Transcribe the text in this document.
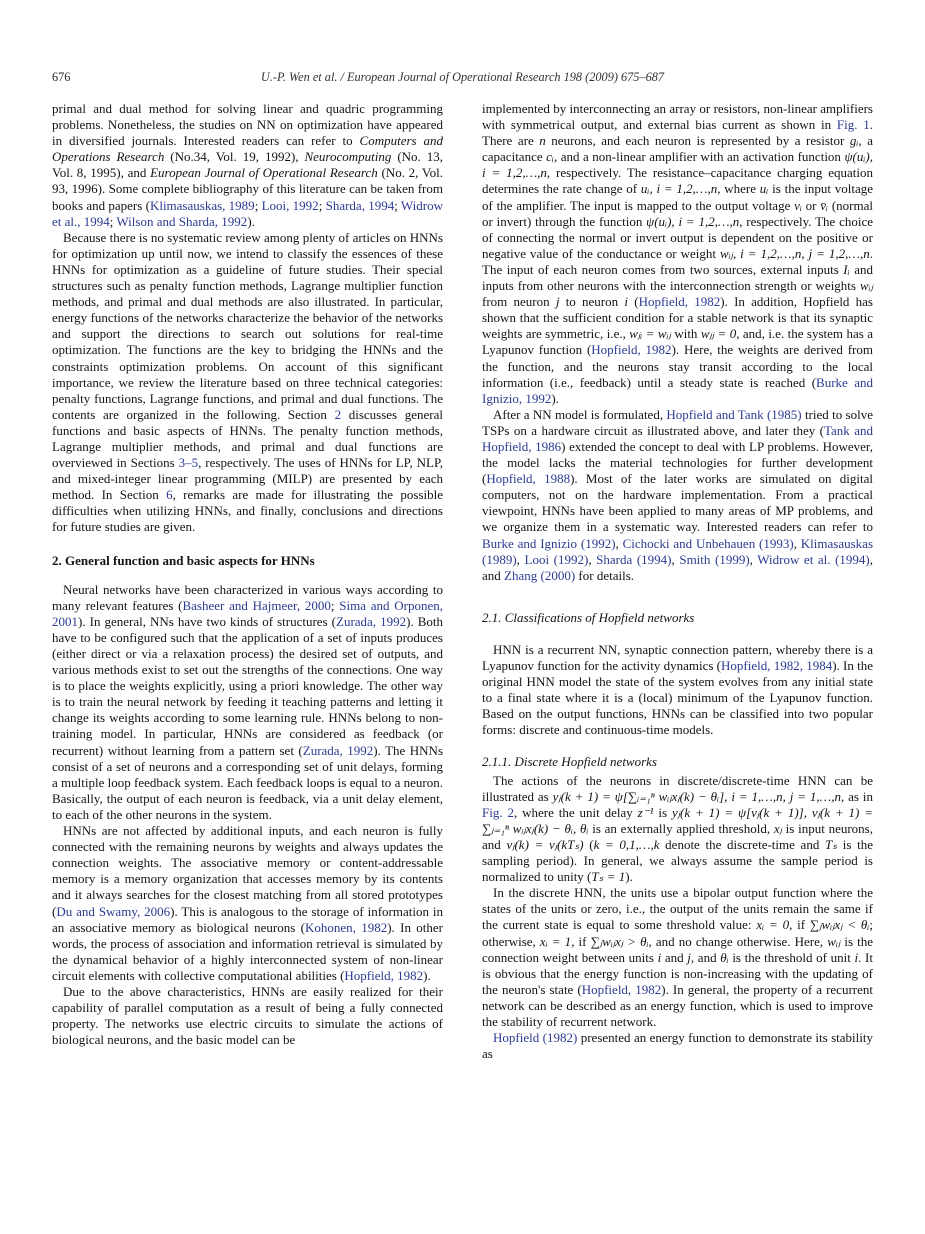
676	U.-P. Wen et al. / European Journal of Operational Research 198 (2009) 675–687

primal and dual method for solving linear and quadric programming problems. Nonetheless, the studies on NN on optimization have appeared in diversified journals. Interested readers can refer to Computers and Operations Research (No.34, Vol. 19, 1992), Neurocomputing (No. 13, Vol. 8, 1995), and European Journal of Operational Research (No. 2, Vol. 93, 1996). Some complete bibliography of this literature can be taken from books and papers (Klimasauskas, 1989; Looi, 1992; Sharda, 1994; Widrow et al., 1994; Wilson and Sharda, 1992).

Because there is no systematic review among plenty of articles on HNNs for optimization up until now, we intend to classify the essences of these HNNs for optimization as a guideline of future studies. Their special structures such as penalty function methods, Lagrange multiplier function methods, and primal and dual methods are also illustrated. In particular, energy functions of the networks characterize the behavior of the networks and support the directions to search out solutions for real-time optimization. The functions are the key to bridging the HNNs and the constraints optimization problems. On account of this significant importance, we review the literature based on three technical categories: penalty functions, Lagrange functions, and primal and dual functions. The contents are organized in the following. Section 2 discusses general functions and basic aspects of HNNs. The penalty function methods, Lagrange multiplier methods, and primal and dual functions are overviewed in Sections 3–5, respectively. The uses of HNNs for LP, NLP, and mixed-integer linear programming (MILP) are presented by each method. In Section 6, remarks are made for illustrating the possible difficulties when utilizing HNNs, and finally, conclusions and directions for future studies are given.

2. General function and basic aspects for HNNs

Neural networks have been characterized in various ways according to many relevant features (Basheer and Hajmeer, 2000; Sima and Orponen, 2001). In general, NNs have two kinds of structures (Zurada, 1992). Both have to be configured such that the application of a set of inputs produces (either direct or via a relaxation process) the desired set of outputs, and various methods exist to set out the strengths of the connections. One way is to place the weights explicitly, using a priori knowledge. The other way is to train the neural network by feeding it teaching patterns and letting it change its weights according to some learning rule. HNNs belong to non-training model. In particular, HNNs are considered as feedback (or recurrent) without learning from a pattern set (Zurada, 1992). The HNNs consist of a set of neurons and a corresponding set of unit delays, forming a multiple loop feedback system. Each feedback loops is equal to a neuron. Basically, the output of each neuron is feedback, via a unit delay element, to each of the other neurons in the system.

HNNs are not affected by additional inputs, and each neuron is fully connected with the remaining neurons by weights and always updates the connection weights. The associative memory or content-addressable memory is a memory organization that accesses memory by its contents and it always searches for the closest matching from all stored prototypes (Du and Swamy, 2006). This is analogous to the storage of information in an associative memory as biological neurons (Kohonen, 1982). In other words, the process of association and information retrieval is simulated by the dynamical behavior of a highly interconnected system of non-linear circuit elements with collective computational abilities (Hopfield, 1982).

Due to the above characteristics, HNNs are easily realized for their capability of parallel computation as a result of being a fully connected property. The networks use electric circuits to simulate the actions of biological neurons, and the basic model can be

implemented by interconnecting an array or resistors, non-linear amplifiers with symmetrical output, and external bias current as shown in Fig. 1. There are n neurons, and each neuron is represented by a resistor gᵢ, a capacitance cᵢ, and a non-linear amplifier with an activation function ψ(uᵢ), i = 1,2,…,n, respectively. The resistance–capacitance charging equation determines the rate change of uᵢ, i = 1,2,…,n, where uᵢ is the input voltage of the amplifier. The input is mapped to the output voltage vᵢ or v̄ᵢ (normal or invert) through the function ψ(uᵢ), i = 1,2,…,n, respectively. The choice of connecting the normal or invert output is dependent on the positive or negative value of the conductance or weight wᵢⱼ, i = 1,2,…,n, j = 1,2,…,n. The input of each neuron comes from two sources, external inputs Iᵢ and inputs from other neurons with the interconnection strength or weights wᵢⱼ from neuron j to neuron i (Hopfield, 1982). In addition, Hopfield has shown that the sufficient condition for a stable network is that its synaptic weights are symmetric, i.e., wⱼᵢ = wᵢⱼ with wⱼⱼ = 0, and, i.e. the system has a Lyapunov function (Hopfield, 1982). Here, the weights are derived from the function, and the neurons stay transit according to the local information (i.e., feedback) until a steady state is reached (Burke and Ignizio, 1992).

After a NN model is formulated, Hopfield and Tank (1985) tried to solve TSPs on a hardware circuit as illustrated above, and later they (Tank and Hopfield, 1986) extended the concept to deal with LP problems. However, the model lacks the material technologies for further development (Hopfield, 1988). Most of the later works are simulated on digital computers, not on the hardware implementation. From a practical viewpoint, HNNs have been applied to many areas of MP problems, and we organize them in a systematic way. Interested readers can refer to Burke and Ignizio (1992), Cichocki and Unbehauen (1993), Klimasauskas (1989), Looi (1992), Sharda (1994), Smith (1999), Widrow et al. (1994), and Zhang (2000) for details.

2.1. Classifications of Hopfield networks

HNN is a recurrent NN, synaptic connection pattern, whereby there is a Lyapunov function for the activity dynamics (Hopfield, 1982, 1984). In the original HNN model the state of the system evolves from any initial state to a final state where it is a (local) minimum of the Lyapunov function. Based on the output functions, HNNs can be classified into two popular forms: discrete and continuous-time models.

2.1.1. Discrete Hopfield networks

The actions of the neurons in discrete/discrete-time HNN can be illustrated as yⱼ(k + 1) = ψ[∑ᵢ₌₁ⁿ wᵢⱼxⱼ(k) − θᵢ], i = 1,…,n, j = 1,…,n, as in Fig. 2, where the unit delay z⁻¹ is yⱼ(k + 1) = ψ[vⱼ(k + 1)], vⱼ(k + 1) = ∑ⱼ₌₁ⁿ wᵢⱼxⱼ(k) − θᵢ, θᵢ is an externally applied threshold, xⱼ is input neurons, and vⱼ(k) = vⱼ(kTₛ) (k = 0,1,…,k denote the discrete-time and Tₛ is the sampling period). In general, we always assume the sample period is normalized to unity (Tₛ = 1).

In the discrete HNN, the units use a bipolar output function where the states of the units or zero, i.e., the output of the units remain the same if the current state is equal to some threshold value: xᵢ = 0, if ∑ⱼwᵢⱼxⱼ < θᵢ; otherwise, xᵢ = 1, if ∑ⱼwᵢⱼxⱼ > θᵢ, and no change otherwise. Here, wᵢⱼ is the connection weight between units i and j, and θᵢ is the threshold of unit i. It is obvious that the energy function is non-increasing with the updating of the neuron's state (Hopfield, 1982). In general, the property of a recurrent network can be described as an energy function, which is used to improve the stability of recurrent network.

Hopfield (1982) presented an energy function to demonstrate its stability as
